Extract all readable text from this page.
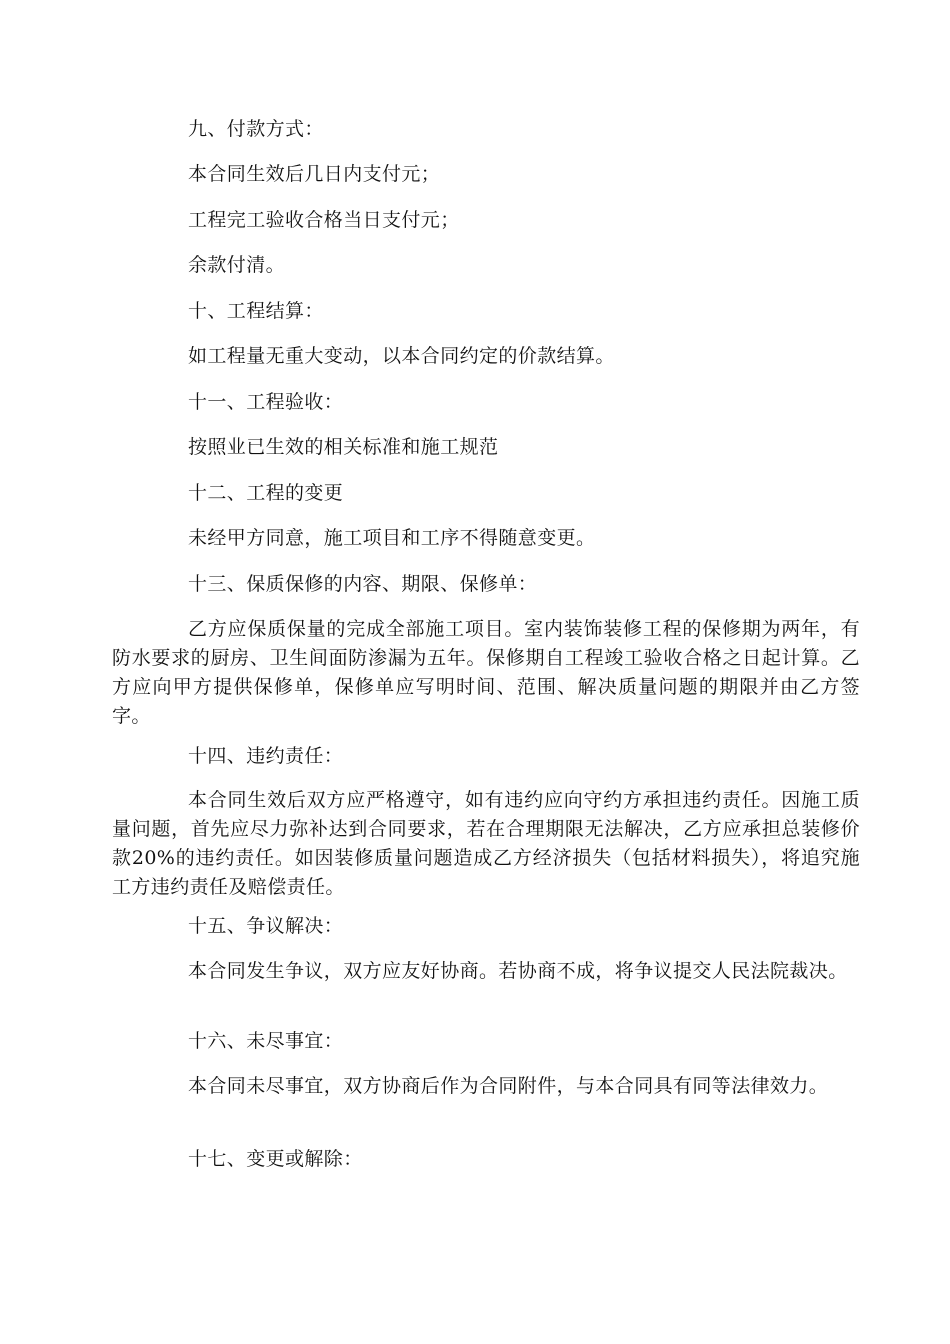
九、付款方式：

本合同生效后几日内支付元；

工程完工验收合格当日支付元；

余款付清。

十、工程结算：

如工程量无重大变动，以本合同约定的价款结算。

十一、工程验收：

按照业已生效的相关标准和施工规范

十二、工程的变更

未经甲方同意，施工项目和工序不得随意变更。

十三、保质保修的内容、期限、保修单：

乙方应保质保量的完成全部施工项目。室内装饰装修工程的保修期为两年，有防水要求的厨房、卫生间面防渗漏为五年。保修期自工程竣工验收合格之日起计算。乙方应向甲方提供保修单，保修单应写明时间、范围、解决质量问题的期限并由乙方签字。

十四、违约责任：

本合同生效后双方应严格遵守，如有违约应向守约方承担违约责任。因施工质量问题，首先应尽力弥补达到合同要求，若在合理期限无法解决，乙方应承担总装修价款20%的违约责任。如因装修质量问题造成乙方经济损失（包括材料损失），将追究施工方违约责任及赔偿责任。

十五、争议解决：

本合同发生争议，双方应友好协商。若协商不成，将争议提交人民法院裁决。

十六、未尽事宜：

本合同未尽事宜，双方协商后作为合同附件，与本合同具有同等法律效力。

十七、变更或解除：
